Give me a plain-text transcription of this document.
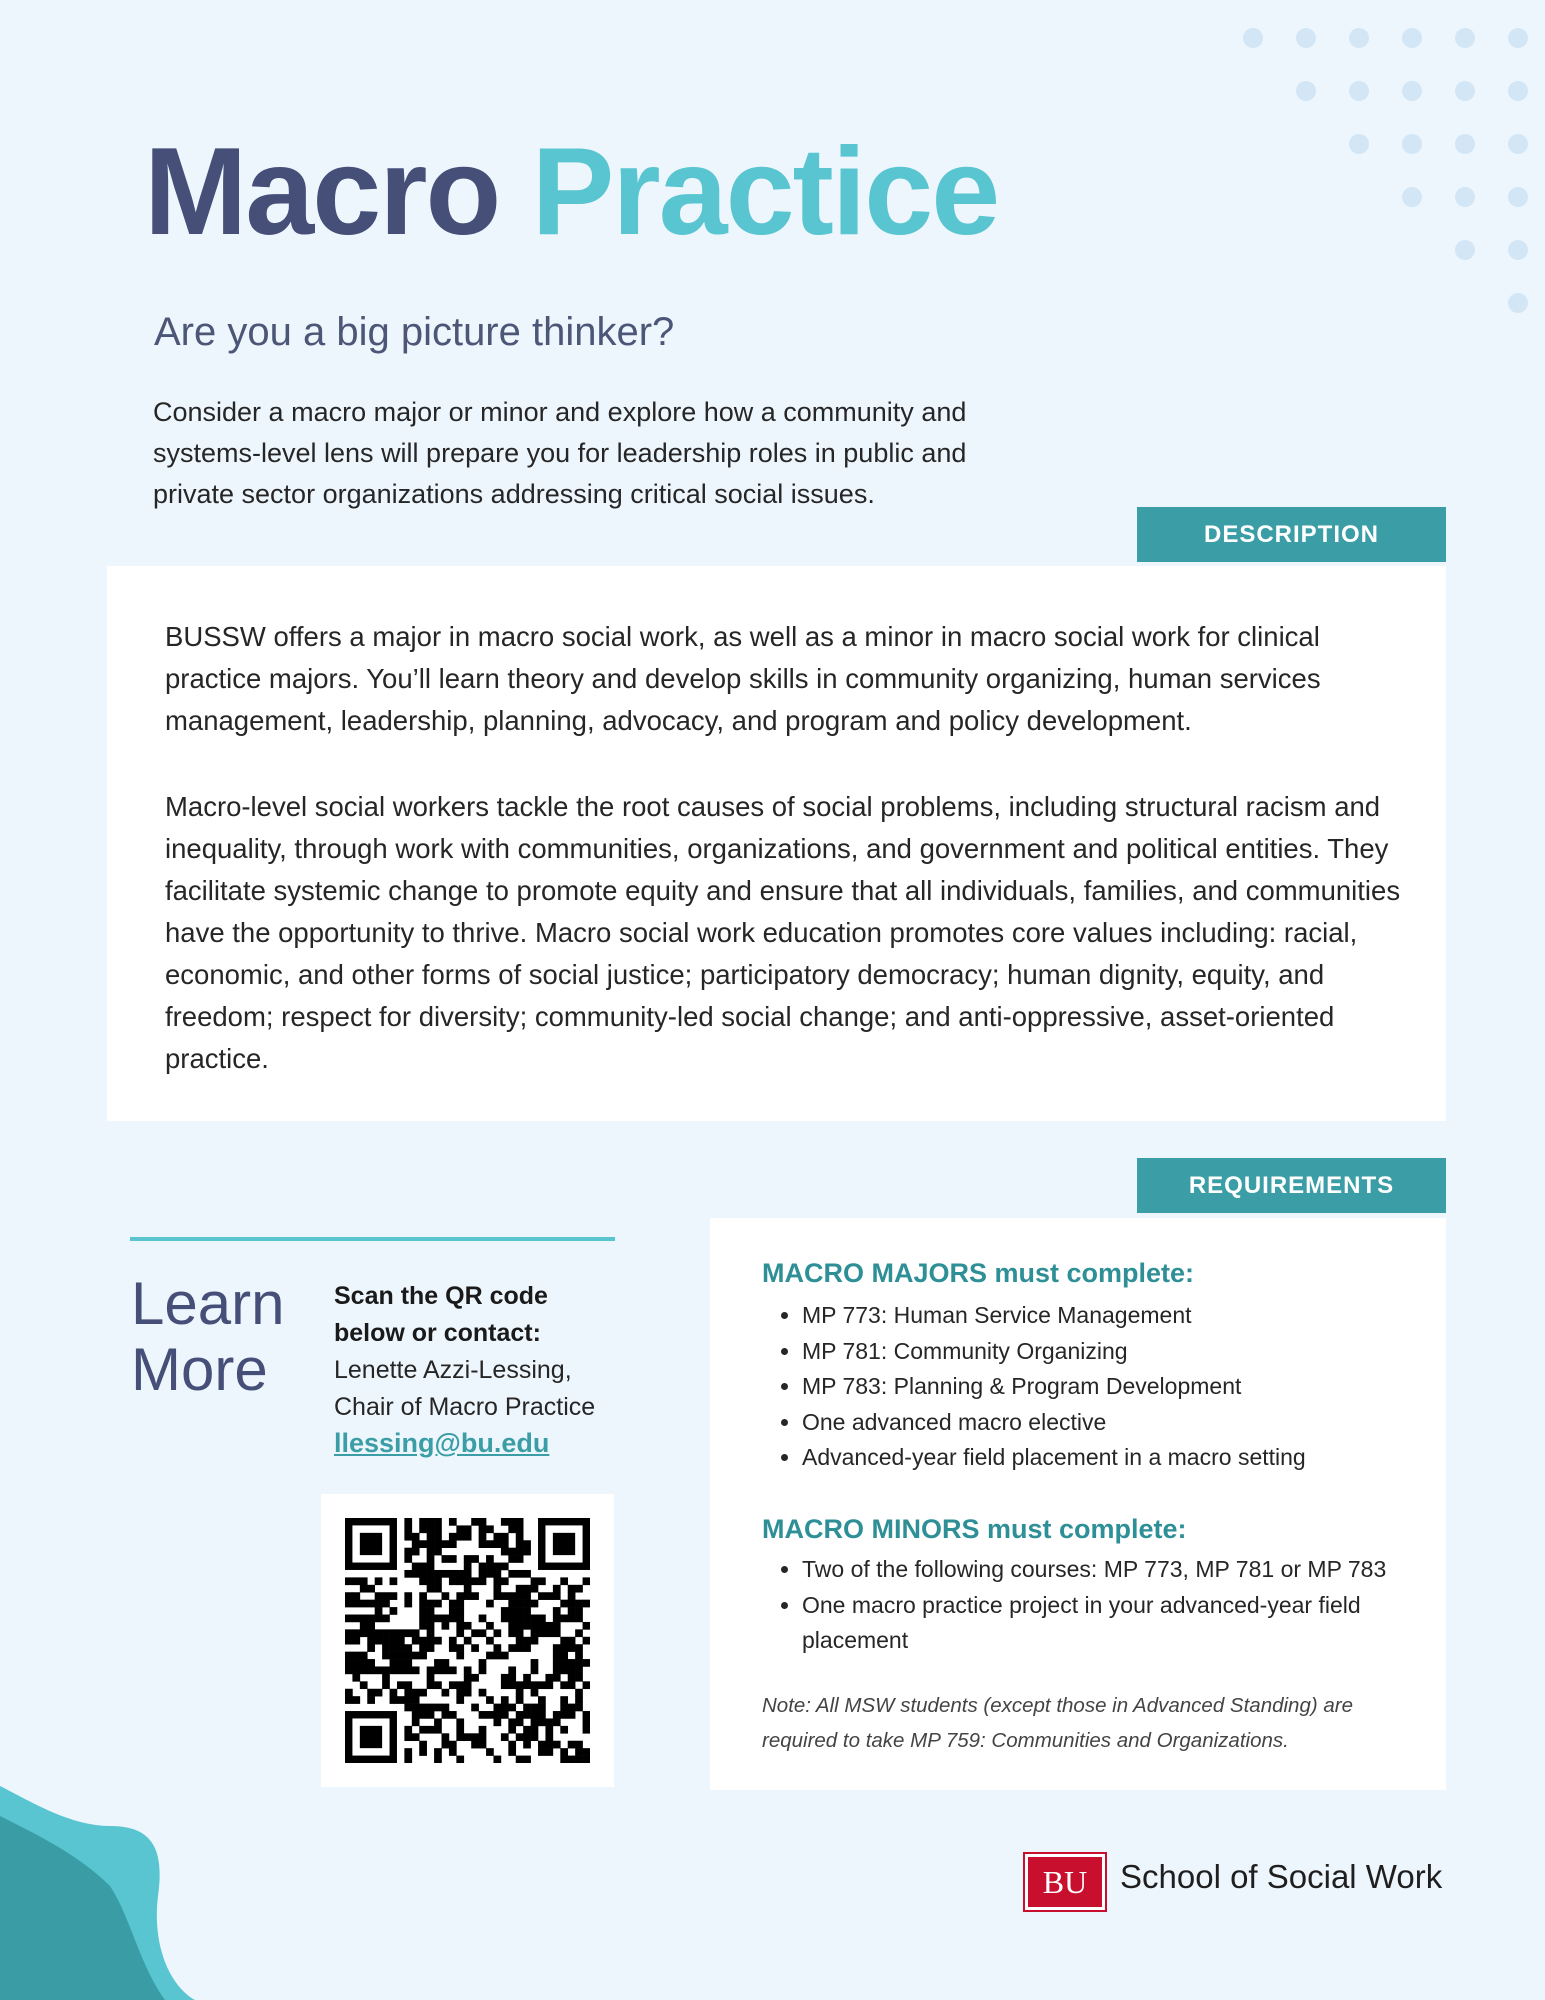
Macro Practice
Are you a big picture thinker?

Consider a macro major or minor and explore how a community and systems-level lens will prepare you for leadership roles in public and private sector organizations addressing critical social issues.

DESCRIPTION

BUSSW offers a major in macro social work, as well as a minor in macro social work for clinical practice majors. You’ll learn theory and develop skills in community organizing, human services management, leadership, planning, advocacy, and program and policy development.

Macro-level social workers tackle the root causes of social problems, including structural racism and inequality, through work with communities, organizations, and government and political entities. They facilitate systemic change to promote equity and ensure that all individuals, families, and communities have the opportunity to thrive. Macro social work education promotes core values including: racial, economic, and other forms of social justice; participatory democracy; human dignity, equity, and freedom; respect for diversity; community-led social change; and anti-oppressive, asset-oriented practice.

REQUIREMENTS
Learn
More
Scan the QR code
below or contact:
Lenette Azzi-Lessing,
Chair of Macro Practice
llessing@bu.edu
MACRO MAJORS must complete:
• MP 773: Human Service Management
• MP 781: Community Organizing
• MP 783: Planning & Program Development
• One advanced macro elective
• Advanced-year field placement in a macro setting
MACRO MINORS must complete:
• Two of the following courses: MP 773, MP 781 or MP 783
• One macro practice project in your advanced-year field placement

Note: All MSW students (except those in Advanced Standing) are required to take MP 759: Communities and Organizations.

BU School of Social Work
